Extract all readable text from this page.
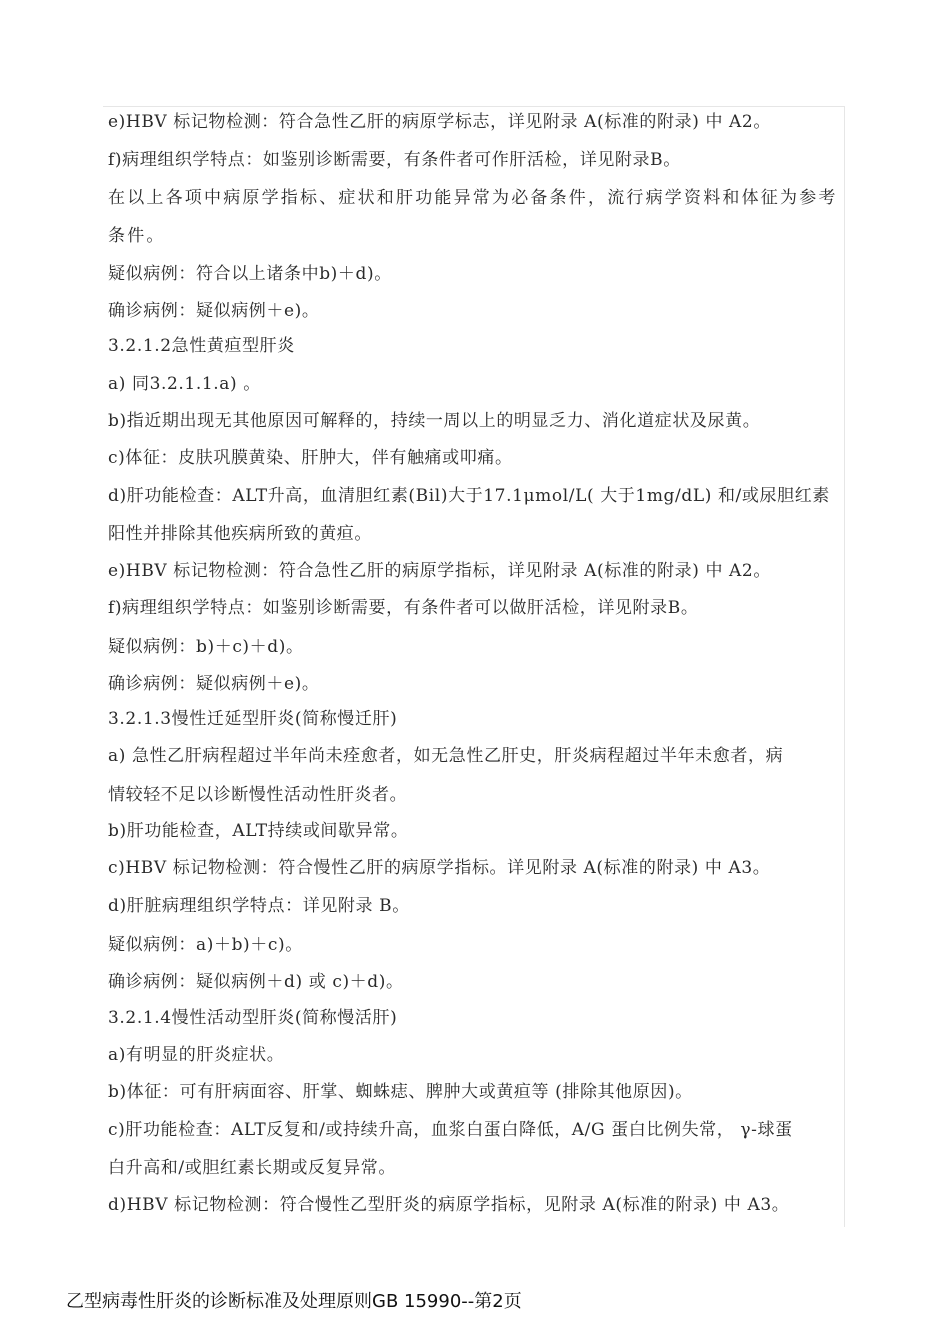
e)HBV 标记物检测：符合急性乙肝的病原学标志，详见附录 A(标准的附录) 中 A2。
f)病理组织学特点：如鉴别诊断需要，有条件者可作肝活检，详见附录B。
在以上各项中病原学指标、症状和肝功能异常为必备条件，流行病学资料和体征为参考
条件。
疑似病例：符合以上诸条中b)＋d)。
确诊病例：疑似病例＋e)。
3.2.1.2急性黄疸型肝炎
a) 同3.2.1.1.a) 。
b)指近期出现无其他原因可解释的，持续一周以上的明显乏力、消化道症状及尿黄。
c)体征：皮肤巩膜黄染、肝肿大，伴有触痛或叩痛。
d)肝功能检查：ALT升高，血清胆红素(Bil)大于17.1μmol/L( 大于1mg/dL) 和/或尿胆红素
阳性并排除其他疾病所致的黄疸。
e)HBV 标记物检测：符合急性乙肝的病原学指标，详见附录 A(标准的附录) 中 A2。
f)病理组织学特点：如鉴别诊断需要，有条件者可以做肝活检，详见附录B。
疑似病例：b)＋c)＋d)。
确诊病例：疑似病例＋e)。
3.2.1.3慢性迁延型肝炎(简称慢迁肝)
a) 急性乙肝病程超过半年尚未痊愈者，如无急性乙肝史，肝炎病程超过半年未愈者，病
情较轻不足以诊断慢性活动性肝炎者。
b)肝功能检查，ALT持续或间歇异常。
c)HBV 标记物检测：符合慢性乙肝的病原学指标。详见附录 A(标准的附录) 中 A3。
d)肝脏病理组织学特点：详见附录 B。
疑似病例：a)＋b)＋c)。
确诊病例：疑似病例＋d) 或 c)＋d)。
3.2.1.4慢性活动型肝炎(简称慢活肝)
a)有明显的肝炎症状。
b)体征：可有肝病面容、肝掌、蜘蛛痣、脾肿大或黄疸等 (排除其他原因)。
c)肝功能检查：ALT反复和/或持续升高，血浆白蛋白降低，A/G 蛋白比例失常， γ-球蛋
白升高和/或胆红素长期或反复异常。
d)HBV 标记物检测：符合慢性乙型肝炎的病原学指标，见附录 A(标准的附录) 中 A3。
乙型病毒性肝炎的诊断标准及处理原则GB 15990--第2页
